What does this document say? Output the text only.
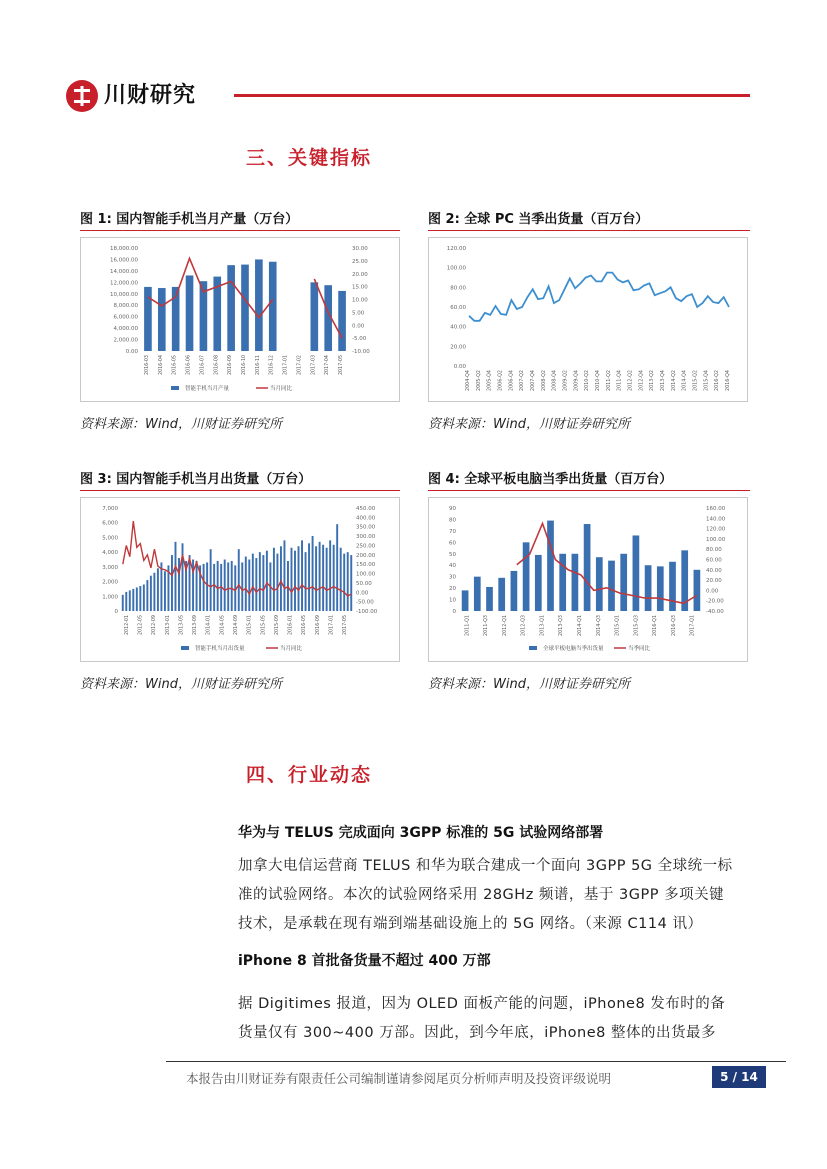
川财研究
三、关键指标
图 1: 国内智能手机当月产量（万台）
0.00
2,000.00
4,000.00
6,000.00
8,000.00
10,000.00
12,000.00
14,000.00
16,000.00
18,000.00
-10.00
-5.00
0.00
5.00
10.00
15.00
20.00
25.00
30.00
2016-03 2016-04 2016-05 2016-06 2016-07 2016-08 2016-09 2016-10 2016-11 2016-12 2017-01 2017-02 2017-03 2017-04 2017-05
智能手机当月产量	当月同比
资料来源：Wind，川财证券研究所
图 2: 全球 PC 当季出货量（百万台）
0.00
20.00
40.00
60.00
80.00
100.00
120.00
2004-Q4 2005-Q2 2005-Q4 2006-Q2 2006-Q4 2007-Q2 2007-Q4 2008-Q2 2008-Q4 2009-Q2 2009-Q4 2010-Q2 2010-Q4 2011-Q2 2011-Q4 2012-Q2 2012-Q4 2013-Q2 2013-Q4 2014-Q2 2014-Q4 2015-Q2 2015-Q4 2016-Q2 2016-Q4
资料来源：Wind，川财证券研究所
图 3: 国内智能手机当月出货量（万台）
0
1,000
2,000
3,000
4,000
5,000
6,000
7,000
-100.00
-50.00
0.00
50.00
100.00
150.00
200.00
250.00
300.00
350.00
400.00
450.00
2012-01 2012-05 2012-09 2013-01 2013-05 2013-09 2014-01 2014-05 2014-09 2015-01 2015-05 2015-09 2016-01 2016-05 2016-09 2017-01 2017-05
智能手机当月出货量	当月同比
资料来源：Wind，川财证券研究所
图 4: 全球平板电脑当季出货量（百万台）
0
10
20
30
40
50
60
70
80
90
-40.00
-20.00
0.00
20.00
40.00
60.00
80.00
100.00
120.00
140.00
160.00
2011-Q1	2011-Q3	2012-Q1	2012-Q3	2013-Q1	2013-Q3	2014-Q1	2014-Q3	2015-Q1	2015-Q3	2016-Q1	2016-Q3	2017-Q1
全球平板电脑当季出货量	当季同比
资料来源：Wind，川财证券研究所
四、行业动态
华为与 TELUS 完成面向 3GPP 标准的 5G 试验网络部署
加拿大电信运营商 TELUS 和华为联合建成一个面向 3GPP 5G 全球统一标
准的试验网络。本次的试验网络采用 28GHz 频谱，基于 3GPP 多项关键
技术，是承载在现有端到端基础设施上的 5G 网络。（来源 C114 讯）
iPhone 8 首批备货量不超过 400 万部
据 Digitimes 报道，因为 OLED 面板产能的问题，iPhone8 发布时的备
货量仅有 300~400 万部。因此，到今年底，iPhone8 整体的出货最多
本报告由川财证券有限责任公司编制谨请参阅尾页分析师声明及投资评级说明	5 / 14
